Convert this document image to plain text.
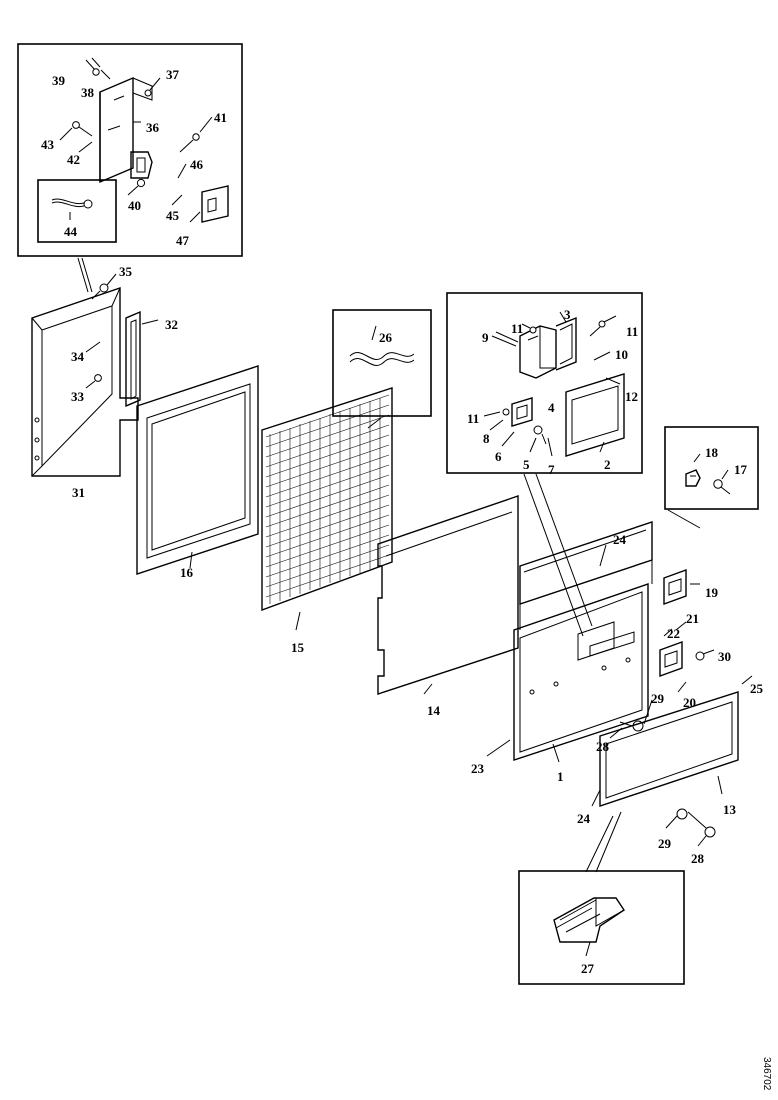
39
38
37
36
41
43
42	46
40
45
44
47
35
32
34
33
31
16
26
15
14
23
9
11
3
11
10
12
4
11
8
6
5 7	2
18
17
24
19
21
22
30
20
29
28
1
25
13
24
29
28
27
346702
